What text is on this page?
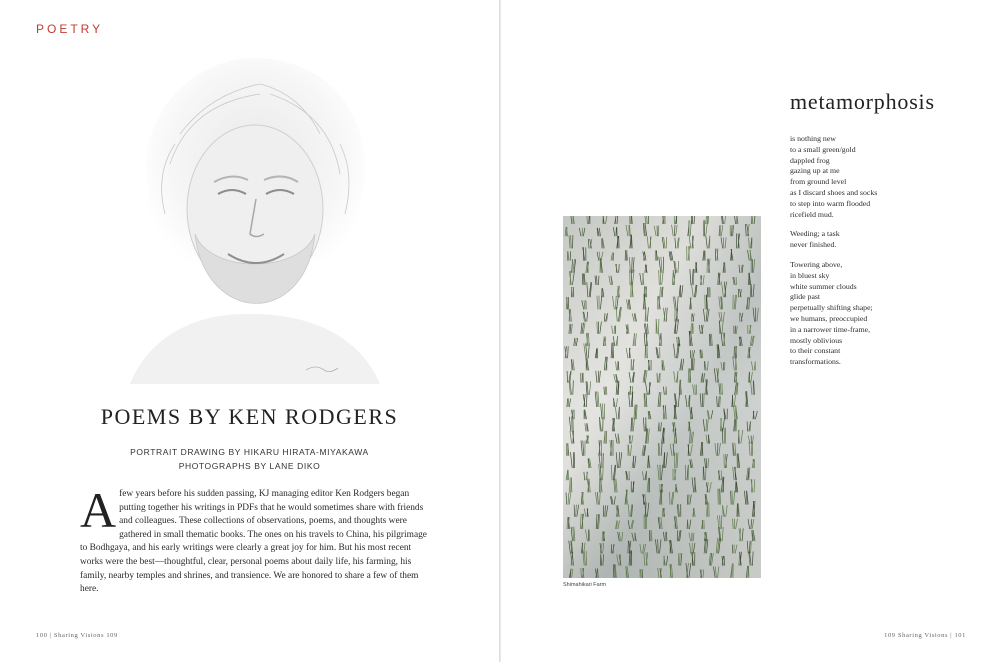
POETRY
POEMS BY KEN RODGERS
PORTRAIT DRAWING BY HIKARU HIRATA-MIYAKAWA
PHOTOGRAPHS BY LANE DIKO
A few years before his sudden passing, KJ managing editor Ken Rodgers began putting together his writings in PDFs that he would sometimes share with friends and colleagues. These collections of observations, poems, and thoughts were gathered in small thematic books. The ones on his travels to China, his pilgrimage to Bodhgaya, and his early writings were clearly a great joy for him. But his most recent works were the best—thoughtful, clear, personal poems about daily life, his farming, his family, nearby temples and shrines, and transience. We are honored to share a few of them here.

100 | Sharing Visions 109
metamorphosis
is nothing new
to a small green/gold
dappled frog
gazing up at me
from ground level
as I discard shoes and socks
to step into warm flooded
ricefield mud.
Weeding; a task
never finished.
Towering above,
in bluest sky
white summer clouds
glide past
perpetually shifting shape;
we humans, preoccupied
in a narrower time-frame,
mostly oblivious
to their constant
transformations.
Shimahikari Farm
109 Sharing Visions | 101
